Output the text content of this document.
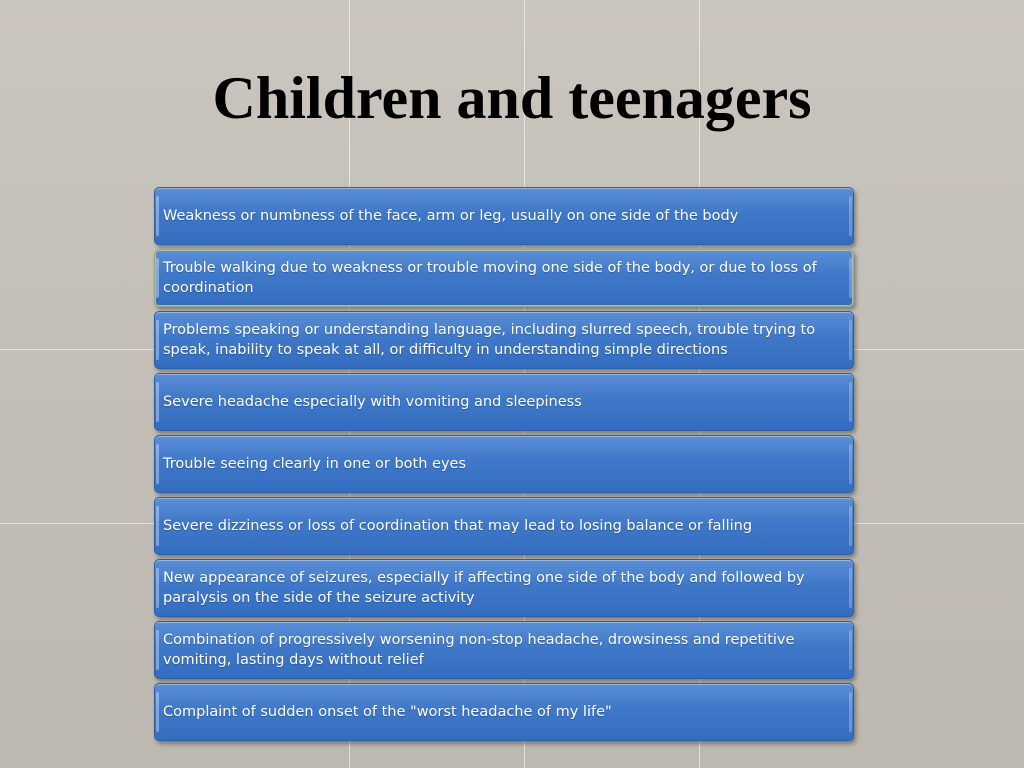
Children and teenagers
Weakness or numbness of the face, arm or leg, usually on one side of the body
Trouble walking due to weakness or trouble moving one side of the body, or due to loss of coordination
Problems speaking or understanding language, including slurred speech, trouble trying to speak, inability to speak at all, or difficulty in understanding simple directions
Severe headache especially with vomiting and sleepiness
Trouble seeing clearly in one or both eyes
Severe dizziness or loss of coordination that may lead to losing balance or falling
New appearance of seizures, especially if affecting one side of the body and followed by paralysis on the side of the seizure activity
Combination of progressively worsening non-stop headache, drowsiness and repetitive vomiting, lasting days without relief
Complaint of sudden onset of the "worst headache of my life"
